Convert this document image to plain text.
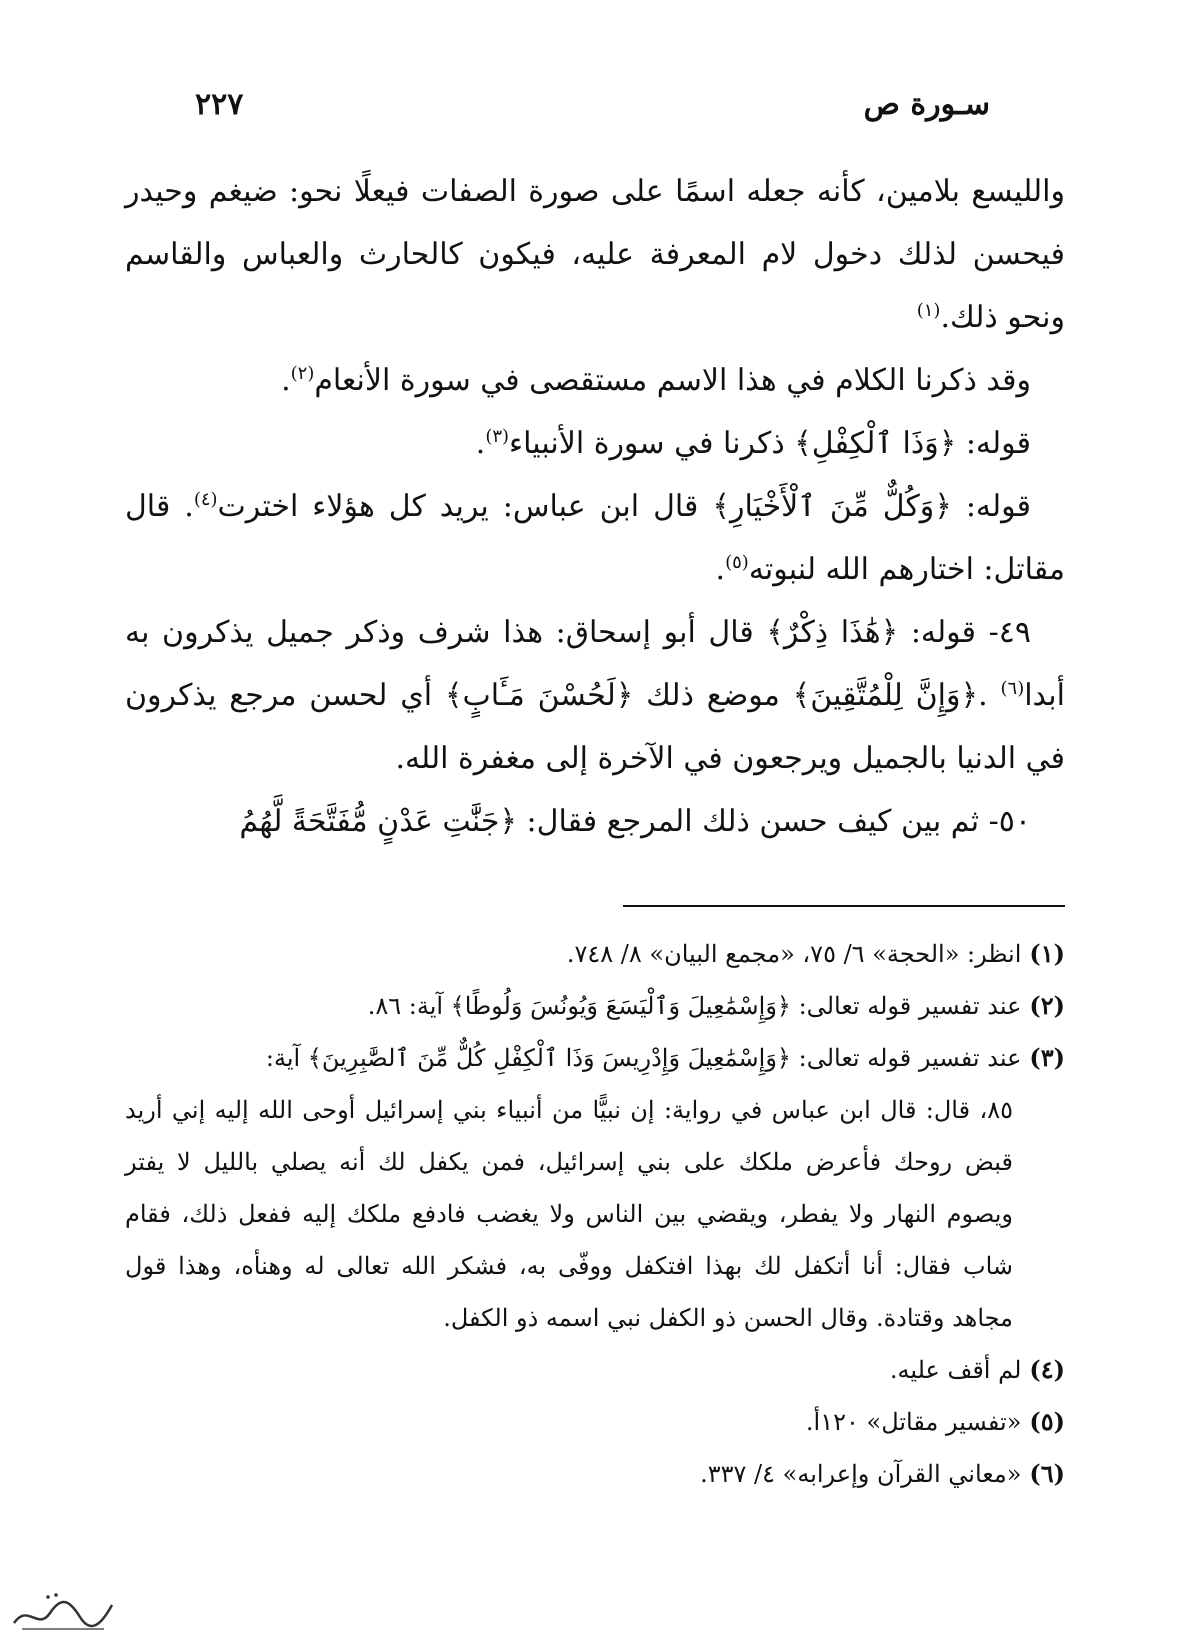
سـورة ص
٢٢٧

والليسع بلامين، كأنه جعله اسمًا على صورة الصفات فيعلًا نحو: ضيغم وحيدر فيحسن لذلك دخول لام المعرفة عليه، فيكون كالحارث والعباس والقاسم ونحو ذلك.$^{(١)}$

وقد ذكرنا الكلام في هذا الاسم مستقصى في سورة الأنعام$^{(٢)}$.

قوله: ﴿وَذَا ٱلْكِفْلِ﴾ ذكرنا في سورة الأنبياء$^{(٣)}$.

قوله: ﴿وَكُلٌّ مِّنَ ٱلْأَخْيَارِ﴾ قال ابن عباس: يريد كل هؤلاء اخترت$^{(٤)}$. قال مقاتل: اختارهم الله لنبوته$^{(٥)}$.

٤٩- قوله: ﴿هَٰذَا ذِكْرٌ﴾ قال أبو إسحاق: هذا شرف وذكر جميل يذكرون به أبدا$^{(٦)}$ .﴿وَإِنَّ لِلْمُتَّقِينَ﴾ موضع ذلك ﴿لَحُسْنَ مَـَٔابٍ﴾ أي لحسن مرجع يذكرون في الدنيا بالجميل ويرجعون في الآخرة إلى مغفرة الله.

٥٠- ثم بين كيف حسن ذلك المرجع فقال: ﴿جَنَّٰتِ عَدْنٍ مُّفَتَّحَةً لَّهُمُ

(١)انظر: «الحجة» ٦/ ٧٥، «مجمع البيان» ٨/ ٧٤٨.

(٢)عند تفسير قوله تعالى: ﴿وَإِسْمَٰعِيلَ وَٱلْيَسَعَ وَيُونُسَ وَلُوطًا﴾ آية: ٨٦.

(٣)عند تفسير قوله تعالى: ﴿وَإِسْمَٰعِيلَ وَإِدْرِيسَ وَذَا ٱلْكِفْلِ كُلٌّ مِّنَ ٱلصَّٰبِرِينَ﴾ آية:

٨٥، قال: قال ابن عباس في رواية: إن نبيًّا من أنبياء بني إسرائيل أوحى الله إليه إني أريد قبض روحك فأعرض ملكك على بني إسرائيل، فمن يكفل لك أنه يصلي بالليل لا يفتر ويصوم النهار ولا يفطر، ويقضي بين الناس ولا يغضب فادفع ملكك إليه ففعل ذلك، فقام شاب فقال: أنا أتكفل لك بهذا افتكفل ووفّى به، فشكر الله تعالى له وهنأه، وهذا قول مجاهد وقتادة. وقال الحسن ذو الكفل نبي اسمه ذو الكفل.

(٤)لم أقف عليه.

(٥)«تفسير مقاتل» ١٢٠أ.

(٦)«معاني القرآن وإعرابه» ٤/ ٣٣٧.
